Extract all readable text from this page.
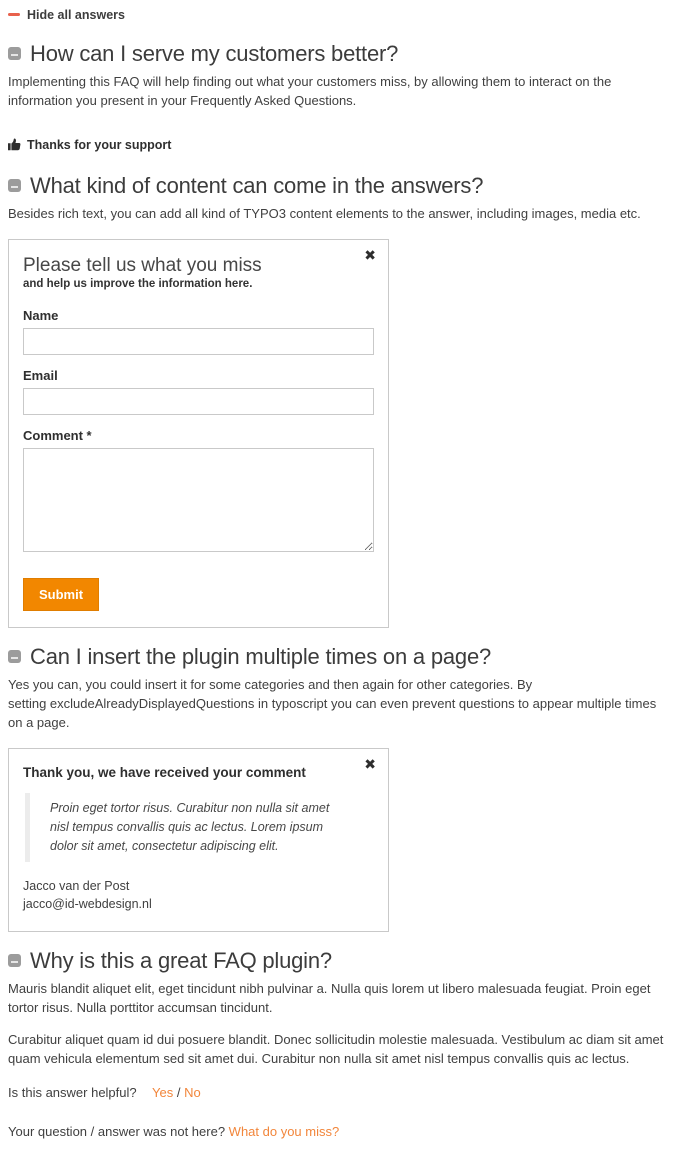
Hide all answers
How can I serve my customers better?

Implementing this FAQ will help finding out what your customers miss, by allowing them to interact on the information you present in your Frequently Asked Questions.

Thanks for your support
What kind of content can come in the answers?

Besides rich text, you can add all kind of TYPO3 content elements to the answer, including images, media etc.

✖
Please tell us what you miss
and help us improve the information here.
Name
Email
Comment *
Submit
Can I insert the plugin multiple times on a page?

Yes you can, you could insert it for some categories and then again for other categories. By
setting excludeAlreadyDisplayedQuestions in typoscript you can even prevent questions to appear multiple times on a page.

✖
Thank you, we have received your comment
Proin eget tortor risus. Curabitur non nulla sit amet nisl tempus convallis quis ac lectus. Lorem ipsum dolor sit amet, consectetur adipiscing elit.
Jacco van der Post
jacco@id-webdesign.nl
Why is this a great FAQ plugin?

Mauris blandit aliquet elit, eget tincidunt nibh pulvinar a. Nulla quis lorem ut libero malesuada feugiat. Proin eget tortor risus. Nulla porttitor accumsan tincidunt.

Curabitur aliquet quam id dui posuere blandit. Donec sollicitudin molestie malesuada. Vestibulum ac diam sit amet quam vehicula elementum sed sit amet dui. Curabitur non nulla sit amet nisl tempus convallis quis ac lectus.

Is this answer helpful? Yes / No
Your question / answer was not here? What do you miss?
